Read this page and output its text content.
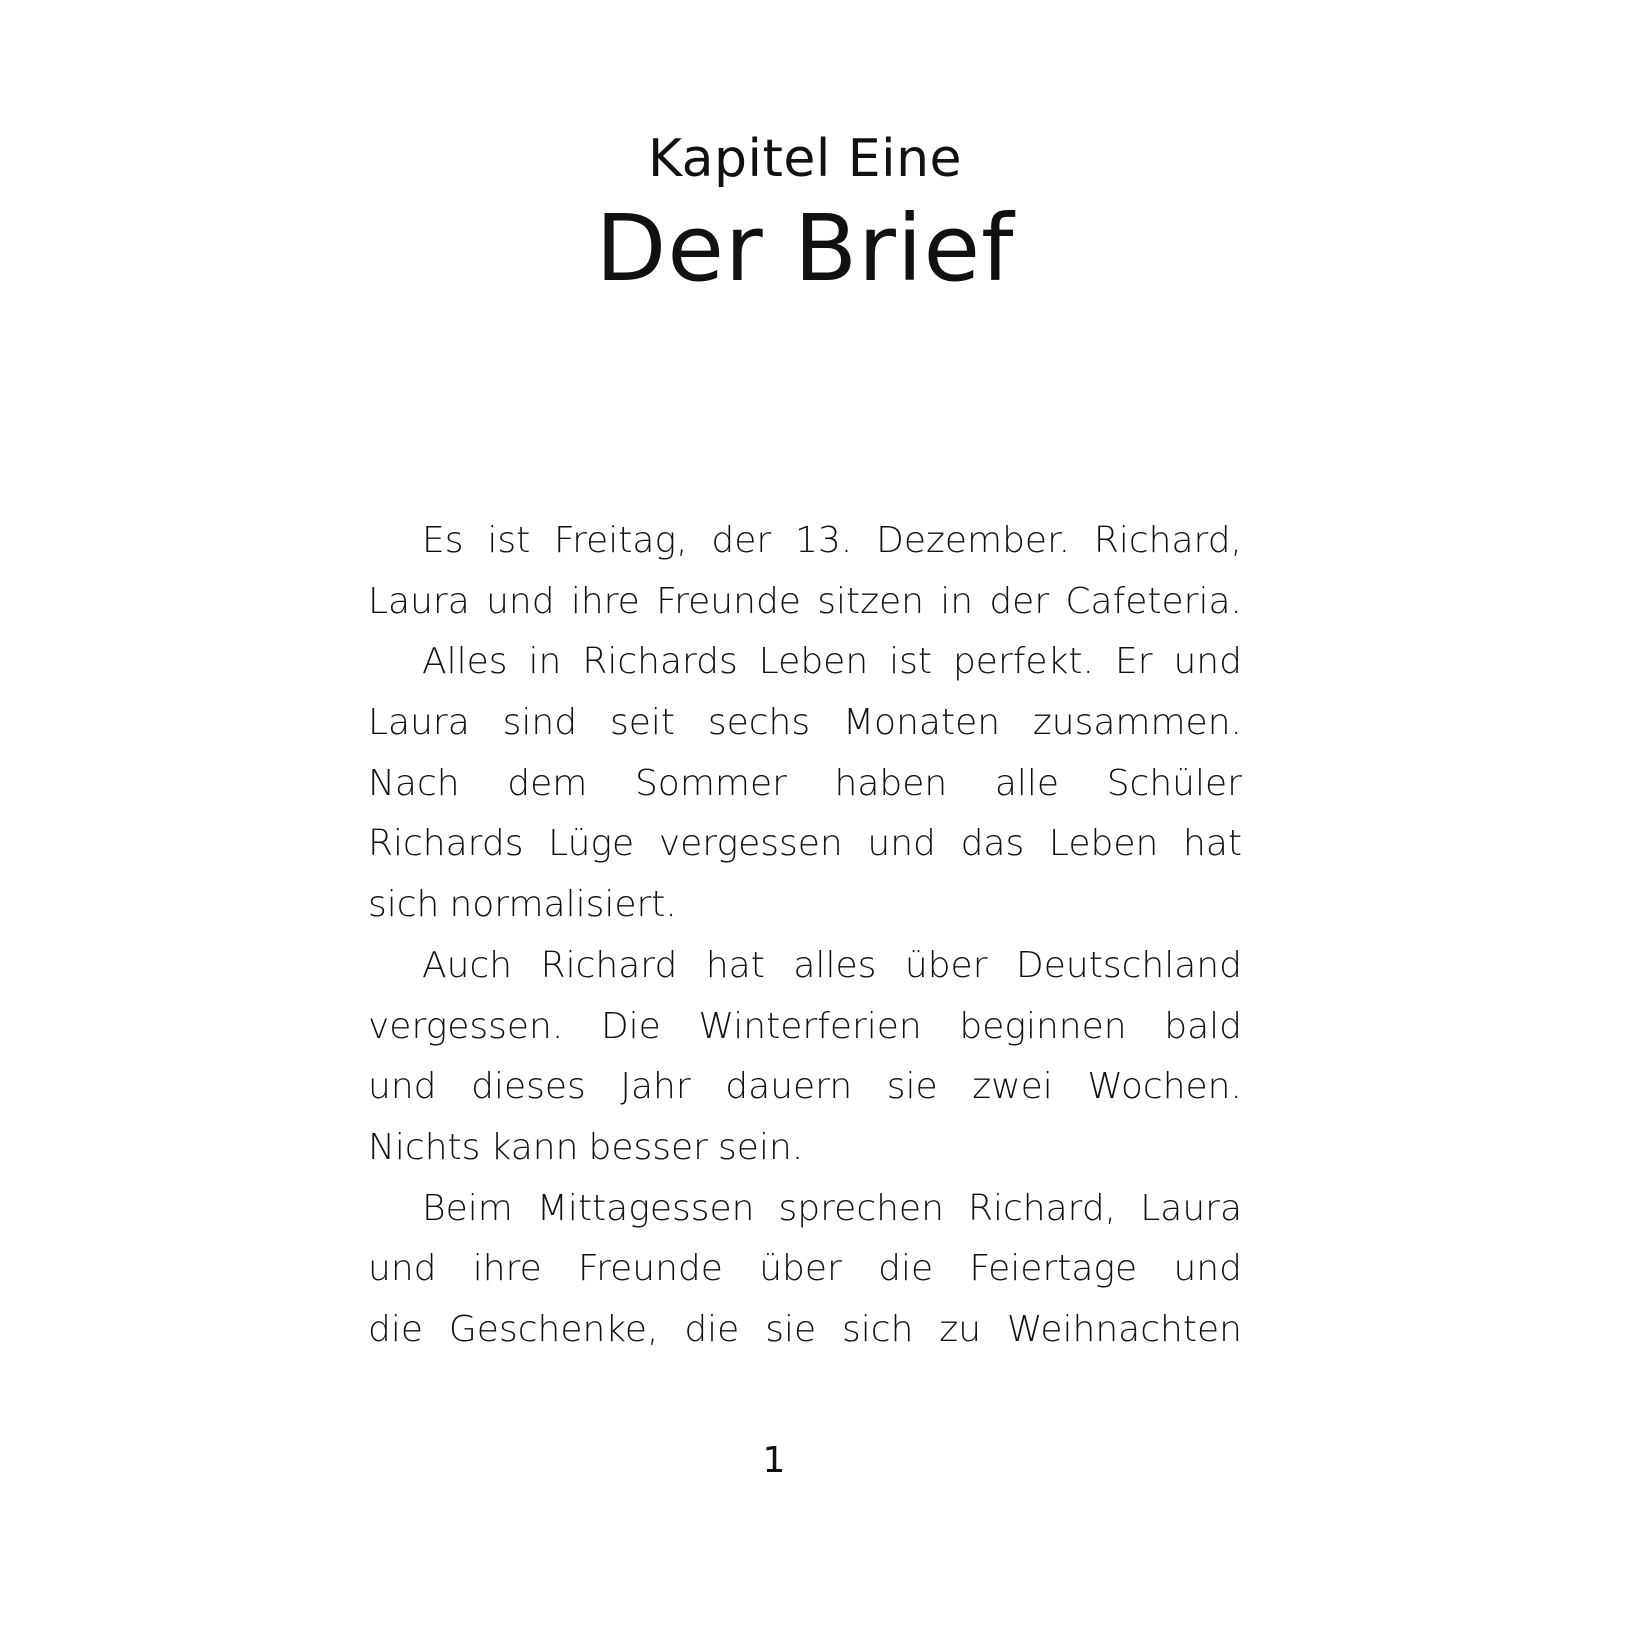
Kapitel Eine
Der Brief
Es ist Freitag, der 13. Dezember. Richard,
Laura und ihre Freunde sitzen in der Cafeteria.
Alles in Richards Leben ist perfekt. Er und
Laura sind seit sechs Monaten zusammen.
Nach dem Sommer haben alle Schüler
Richards Lüge vergessen und das Leben hat
sich normalisiert.
Auch Richard hat alles über Deutschland
vergessen. Die Winterferien beginnen bald
und dieses Jahr dauern sie zwei Wochen.
Nichts kann besser sein.
Beim Mittagessen sprechen Richard, Laura
und ihre Freunde über die Feiertage und
die Geschenke, die sie sich zu Weihnachten
1
